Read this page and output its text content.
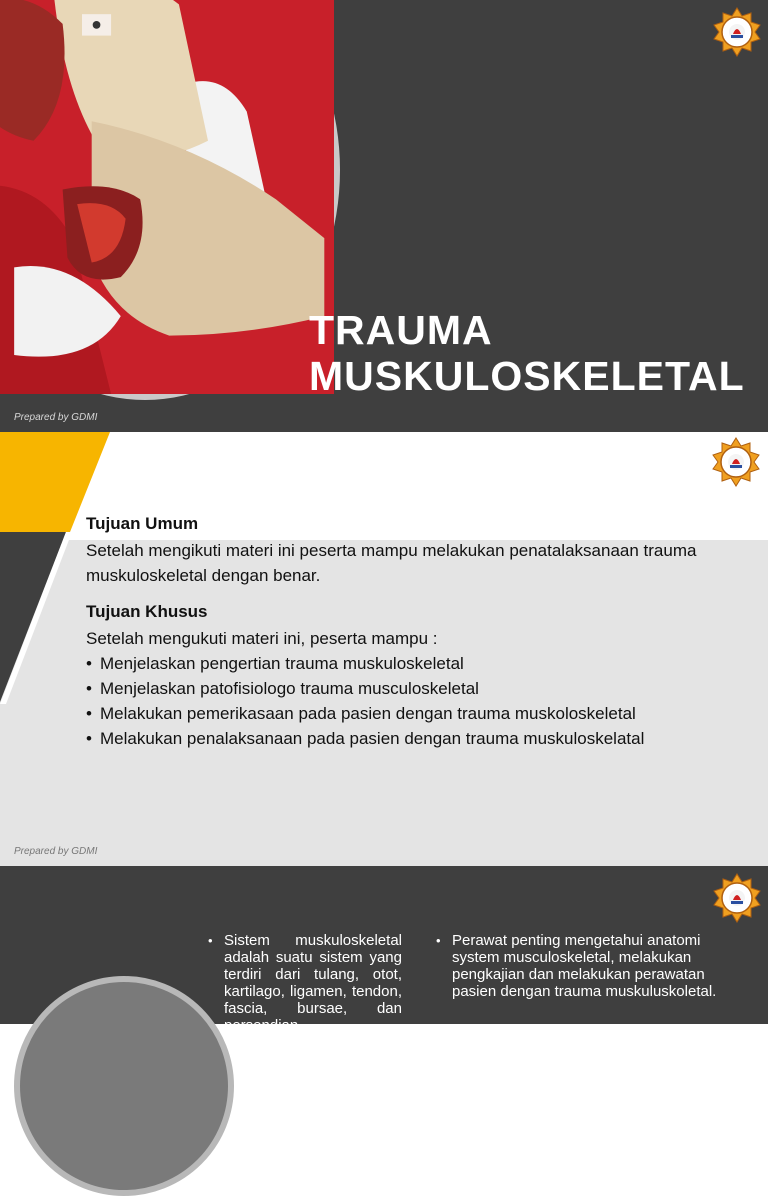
TRAUMA
MUSKULOSKELETAL
Prepared by GDMI
Tujuan Umum

Setelah mengikuti materi ini peserta mampu melakukan penatalaksanaan trauma muskuloskeletal dengan benar.

Tujuan Khusus

Setelah mengukuti materi ini, peserta mampu :

• Menjelaskan pengertian trauma muskuloskeletal
• Menjelaskan patofisiologo trauma musculoskeletal
• Melakukan pemerikasaan pada pasien dengan trauma muskoloskeletal
• Melakukan penalaksanaan pada pasien dengan trauma muskuloskelatal
Prepared by GDMI
• Sistem muskuloskeletal adalah suatu sistem yang terdiri dari tulang, otot, kartilago, ligamen, tendon, fascia, bursae, dan persendian.
• Perawat penting mengetahui anatomi system musculoskeletal, melakukan pengkajian dan melakukan perawatan pasien dengan trauma muskuluskoletal.
